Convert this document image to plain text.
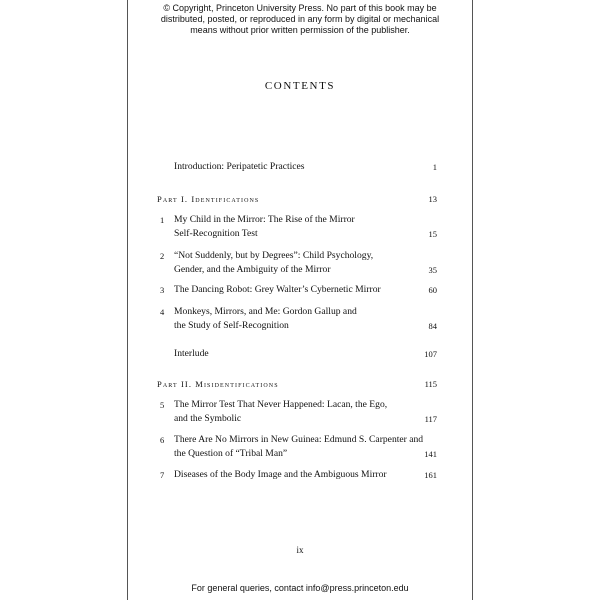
© Copyright, Princeton University Press. No part of this book may be
distributed, posted, or reproduced in any form by digital or mechanical
means without prior written permission of the publisher.
CONTENTS
Introduction: Peripatetic Practices	1
Part I. Identifications	13
1	My Child in the Mirror: The Rise of the Mirror
Self-Recognition Test	15
2	“Not Suddenly, but by Degrees”: Child Psychology,
Gender, and the Ambiguity of the Mirror	35
3	The Dancing Robot: Grey Walter’s Cybernetic Mirror	60
4	Monkeys, Mirrors, and Me: Gordon Gallup and
the Study of Self-Recognition	84
Interlude	107
Part II. Misidentifications	115
5	The Mirror Test That Never Happened: Lacan, the Ego,
and the Symbolic	117
6	There Are No Mirrors in New Guinea: Edmund S. Carpenter and
the Question of “Tribal Man”	141
7	Diseases of the Body Image and the Ambiguous Mirror	161
ix
For general queries, contact info@press.princeton.edu
